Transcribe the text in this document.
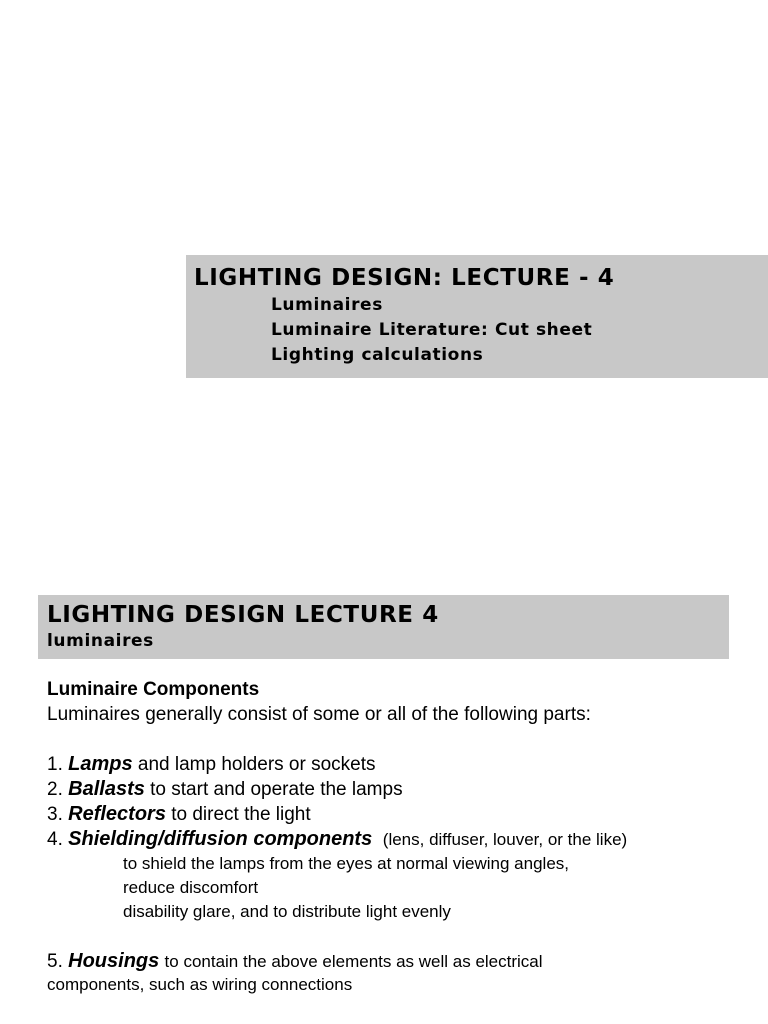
LIGHTING DESIGN: LECTURE - 4
Luminaires
Luminaire Literature: Cut sheet
Lighting calculations
LIGHTING DESIGN LECTURE 4
luminaires
Luminaire Components
Luminaires generally consist of some or all of the following parts:
1. Lamps and lamp holders or sockets
2. Ballasts to start and operate the lamps
3. Reflectors to direct the light
4. Shielding/diffusion components (lens, diffuser, louver, or the like)
to shield the lamps from the eyes at normal viewing angles,
reduce discomfort
disability glare, and to distribute light evenly
5. Housings to contain the above elements as well as electrical
components, such as wiring connections
